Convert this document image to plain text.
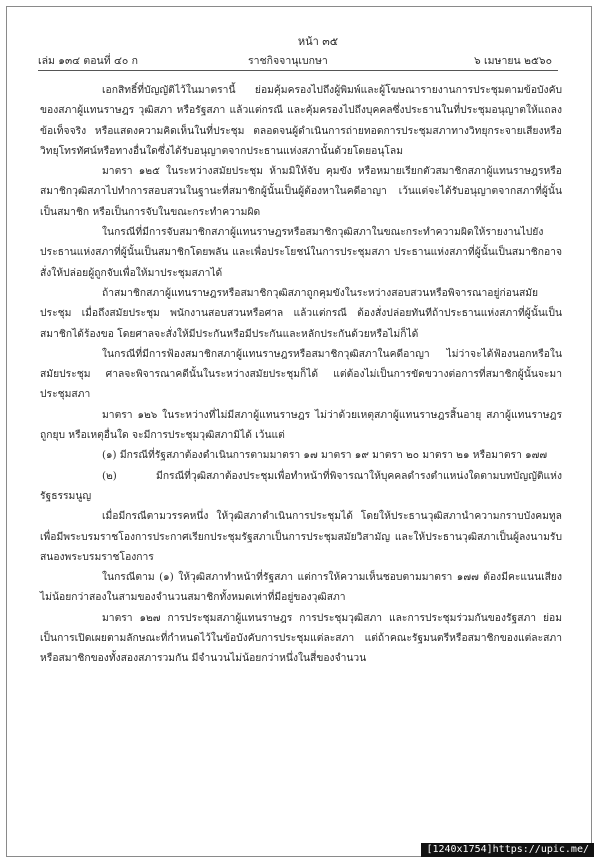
หน้า ๓๕
เล่ม ๑๓๔ ตอนที่ ๔๐ ก	ราชกิจจานุเบกษา	๖ เมษายน ๒๕๖๐

เอกสิทธิ์ที่บัญญัติไว้ในมาตรานี้ ย่อมคุ้มครองไปถึงผู้พิมพ์และผู้โฆษณารายงานการประชุมตามข้อบังคับของสภาผู้แทนราษฎร วุฒิสภา หรือรัฐสภา แล้วแต่กรณี และคุ้มครองไปถึงบุคคลซึ่งประธานในที่ประชุมอนุญาตให้แถลงข้อเท็จจริง หรือแสดงความคิดเห็นในที่ประชุม ตลอดจนผู้ดำเนินการถ่ายทอดการประชุมสภาทางวิทยุกระจายเสียงหรือวิทยุโทรทัศน์หรือทางอื่นใดซึ่งได้รับอนุญาตจากประธานแห่งสภานั้นด้วยโดยอนุโลม

มาตรา ๑๒๕ ในระหว่างสมัยประชุม ห้ามมิให้จับ คุมขัง หรือหมายเรียกตัวสมาชิกสภาผู้แทนราษฎรหรือสมาชิกวุฒิสภาไปทำการสอบสวนในฐานะที่สมาชิกผู้นั้นเป็นผู้ต้องหาในคดีอาญา เว้นแต่จะได้รับอนุญาตจากสภาที่ผู้นั้นเป็นสมาชิก หรือเป็นการจับในขณะกระทำความผิด

ในกรณีที่มีการจับสมาชิกสภาผู้แทนราษฎรหรือสมาชิกวุฒิสภาในขณะกระทำความผิดให้รายงานไปยังประธานแห่งสภาที่ผู้นั้นเป็นสมาชิกโดยพลัน และเพื่อประโยชน์ในการประชุมสภา ประธานแห่งสภาที่ผู้นั้นเป็นสมาชิกอาจสั่งให้ปล่อยผู้ถูกจับเพื่อให้มาประชุมสภาได้

ถ้าสมาชิกสภาผู้แทนราษฎรหรือสมาชิกวุฒิสภาถูกคุมขังในระหว่างสอบสวนหรือพิจารณาอยู่ก่อนสมัยประชุม เมื่อถึงสมัยประชุม พนักงานสอบสวนหรือศาล แล้วแต่กรณี ต้องสั่งปล่อยทันทีถ้าประธานแห่งสภาที่ผู้นั้นเป็นสมาชิกได้ร้องขอ โดยศาลจะสั่งให้มีประกันหรือมีประกันและหลักประกันด้วยหรือไม่ก็ได้

ในกรณีที่มีการฟ้องสมาชิกสภาผู้แทนราษฎรหรือสมาชิกวุฒิสภาในคดีอาญา ไม่ว่าจะได้ฟ้องนอกหรือในสมัยประชุม ศาลจะพิจารณาคดีนั้นในระหว่างสมัยประชุมก็ได้ แต่ต้องไม่เป็นการขัดขวางต่อการที่สมาชิกผู้นั้นจะมาประชุมสภา

มาตรา ๑๒๖ ในระหว่างที่ไม่มีสภาผู้แทนราษฎร ไม่ว่าด้วยเหตุสภาผู้แทนราษฎรสิ้นอายุ สภาผู้แทนราษฎรถูกยุบ หรือเหตุอื่นใด จะมีการประชุมวุฒิสภามิได้ เว้นแต่

(๑) มีกรณีที่รัฐสภาต้องดำเนินการตามมาตรา ๑๗ มาตรา ๑๙ มาตรา ๒๐ มาตรา ๒๑ หรือมาตรา ๑๗๗

(๒) มีกรณีที่วุฒิสภาต้องประชุมเพื่อทำหน้าที่พิจารณาให้บุคคลดำรงตำแหน่งใดตามบทบัญญัติแห่งรัฐธรรมนูญ

เมื่อมีกรณีตามวรรคหนึ่ง ให้วุฒิสภาดำเนินการประชุมได้ โดยให้ประธานวุฒิสภานำความกราบบังคมทูลเพื่อมีพระบรมราชโองการประกาศเรียกประชุมรัฐสภาเป็นการประชุมสมัยวิสามัญ และให้ประธานวุฒิสภาเป็นผู้ลงนามรับสนองพระบรมราชโองการ

ในกรณีตาม (๑) ให้วุฒิสภาทำหน้าที่รัฐสภา แต่การให้ความเห็นชอบตามมาตรา ๑๗๗ ต้องมีคะแนนเสียงไม่น้อยกว่าสองในสามของจำนวนสมาชิกทั้งหมดเท่าที่มีอยู่ของวุฒิสภา

มาตรา ๑๒๗ การประชุมสภาผู้แทนราษฎร การประชุมวุฒิสภา และการประชุมร่วมกันของรัฐสภา ย่อมเป็นการเปิดเผยตามลักษณะที่กำหนดไว้ในข้อบังคับการประชุมแต่ละสภา แต่ถ้าคณะรัฐมนตรีหรือสมาชิกของแต่ละสภา หรือสมาชิกของทั้งสองสภารวมกัน มีจำนวนไม่น้อยกว่าหนึ่งในสี่ของจำนวน

[1240x1754]https://upic.me/
